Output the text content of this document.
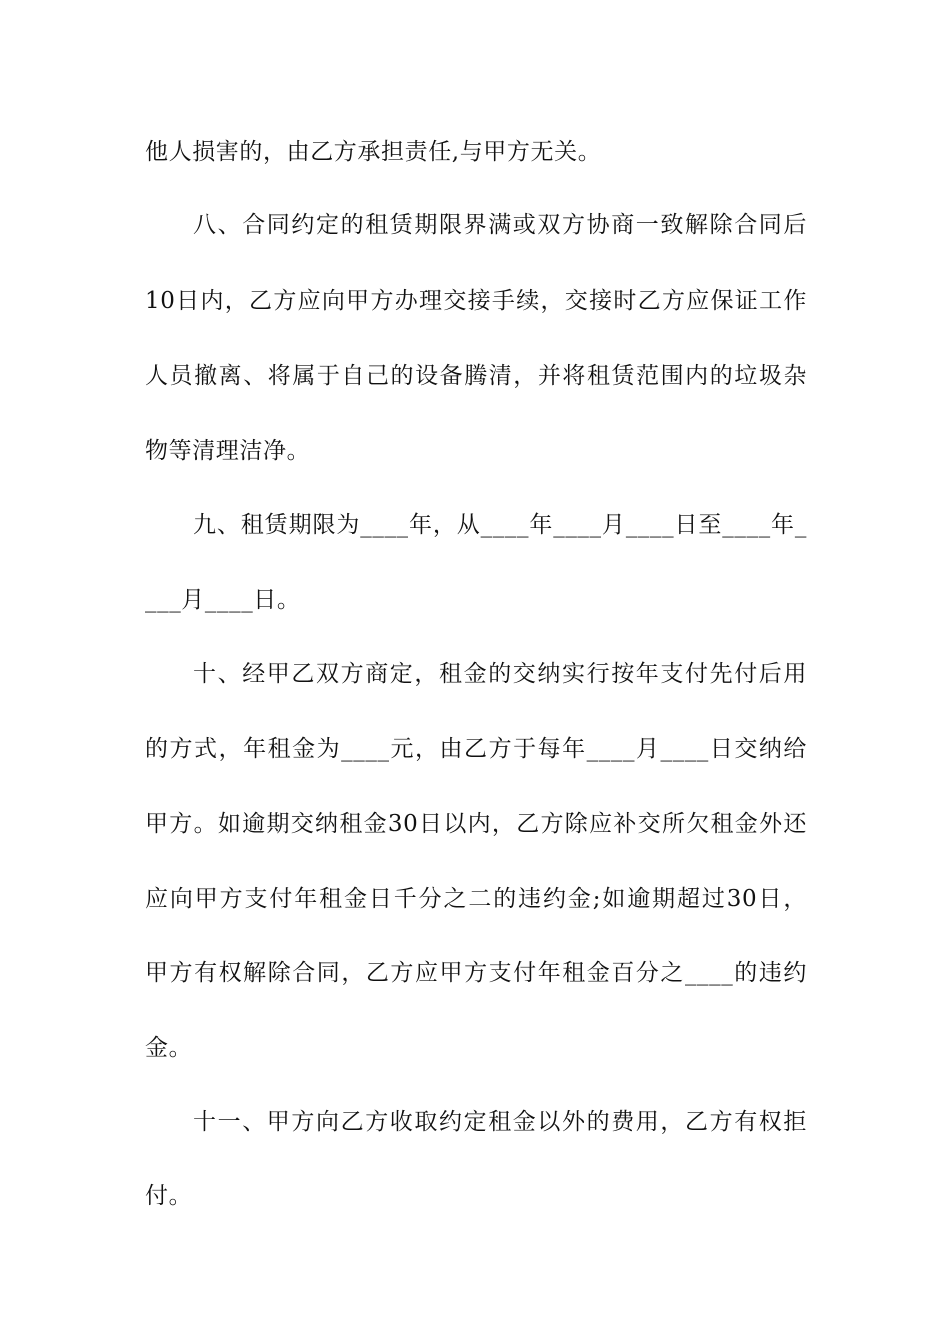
他人损害的，由乙方承担责任,与甲方无关。
八、合同约定的租赁期限界满或双方协商一致解除合同后
10日内，乙方应向甲方办理交接手续，交接时乙方应保证工作
人员撤离、将属于自己的设备腾清，并将租赁范围内的垃圾杂
物等清理洁净。
九、租赁期限为____年，从____年____月____日至____年_
___月____日。
十、经甲乙双方商定，租金的交纳实行按年支付先付后用
的方式，年租金为____元，由乙方于每年____月____日交纳给
甲方。如逾期交纳租金30日以内，乙方除应补交所欠租金外还
应向甲方支付年租金日千分之二的违约金;如逾期超过30日，
甲方有权解除合同，乙方应甲方支付年租金百分之____的违约
金。
十一、甲方向乙方收取约定租金以外的费用，乙方有权拒
付。
